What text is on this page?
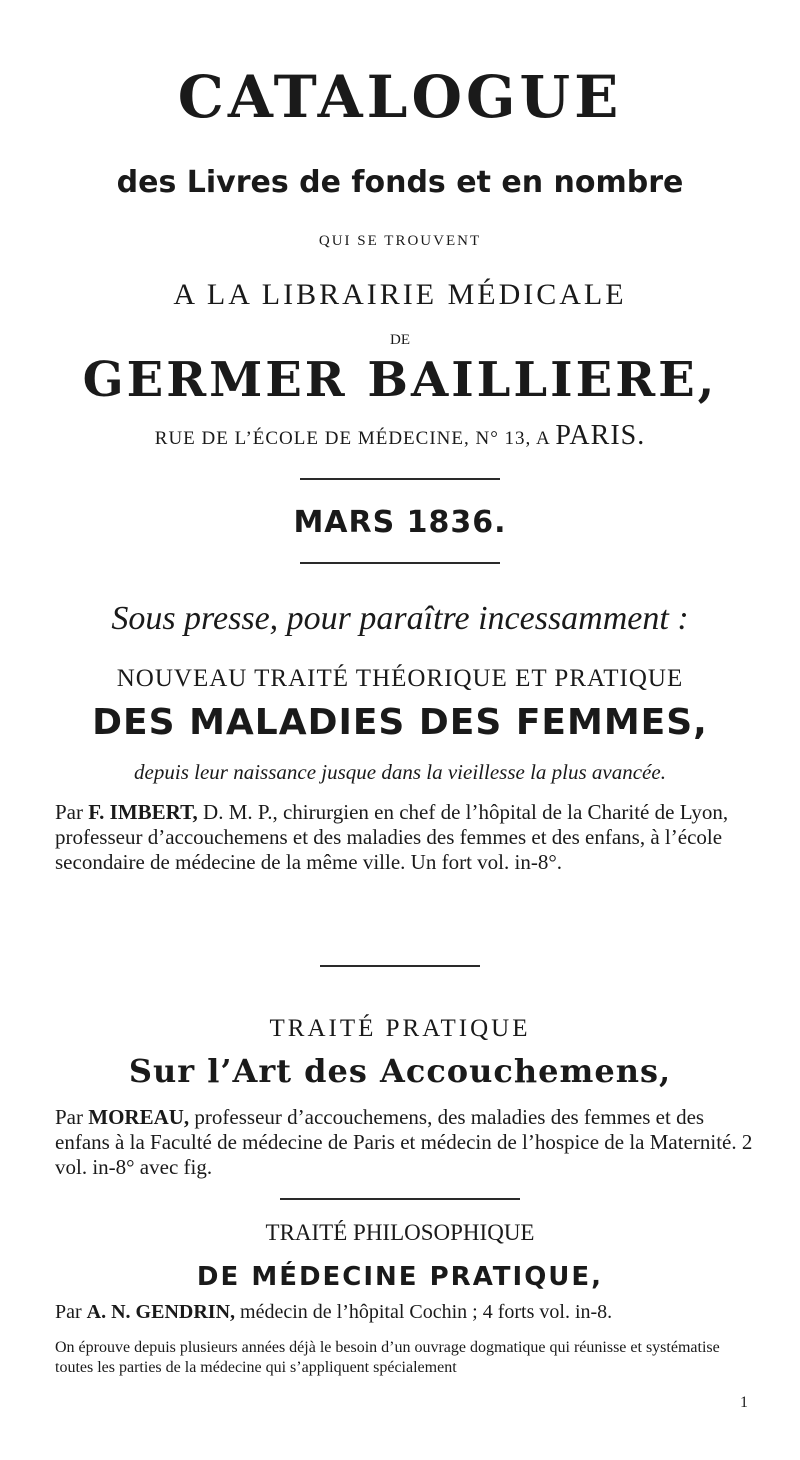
CATALOGUE
des Livres de fonds et en nombre
QUI SE TROUVENT
A LA LIBRAIRIE MÉDICALE
DE
GERMER BAILLIERE,
RUE DE L’ÉCOLE DE MÉDECINE, N° 13, A PARIS.
MARS 1836.
Sous presse, pour paraître incessamment :
NOUVEAU TRAITÉ THÉORIQUE ET PRATIQUE
DES MALADIES DES FEMMES,
depuis leur naissance jusque dans la vieillesse la plus avancée.
Par F. IMBERT, D. M. P., chirurgien en chef de l’hôpital de la Charité de Lyon, professeur d’accouchemens et des maladies des femmes et des enfans, à l’école secondaire de médecine de la même ville. Un fort vol. in-8°.
TRAITÉ PRATIQUE
Sur l’Art des Accouchemens,
Par MOREAU, professeur d’accouchemens, des maladies des femmes et des enfans à la Faculté de médecine de Paris et médecin de l’hospice de la Maternité. 2 vol. in-8° avec fig.
TRAITÉ PHILOSOPHIQUE
DE MÉDECINE PRATIQUE,
Par A. N. GENDRIN, médecin de l’hôpital Cochin ; 4 forts vol. in-8.
On éprouve depuis plusieurs années déjà le besoin d’un ouvrage dogmatique qui réunisse et systématise toutes les parties de la médecine qui s’appliquent spécialement
1
